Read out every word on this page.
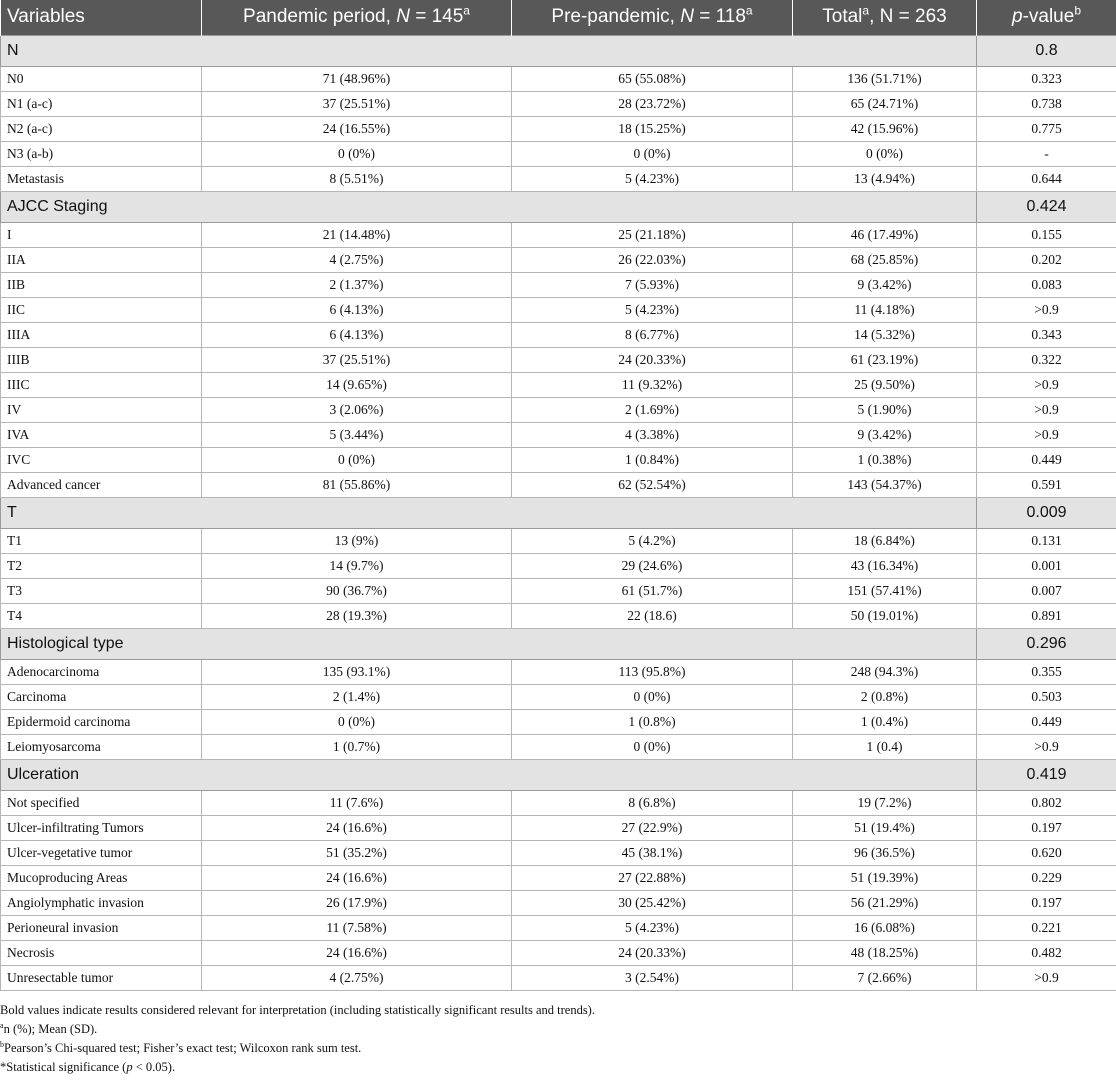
Variables	Pandemic period, $N = 145^a$	Pre-pandemic, $N = 118^a$	Total$^a$, N = 263	p-value$^b$
N				0.8
N0	71 (48.96%)	65 (55.08%)	136 (51.71%)	0.323
N1 (a-c)	37 (25.51%)	28 (23.72%)	65 (24.71%)	0.738
N2 (a-c)	24 (16.55%)	18 (15.25%)	42 (15.96%)	0.775
N3 (a-b)	0 (0%)	0 (0%)	0 (0%)	-
Metastasis	8 (5.51%)	5 (4.23%)	13 (4.94%)	0.644
AJCC Staging				0.424
I	21 (14.48%)	25 (21.18%)	46 (17.49%)	0.155
IIA	4 (2.75%)	26 (22.03%)	68 (25.85%)	0.202
IIB	2 (1.37%)	7 (5.93%)	9 (3.42%)	0.083
IIC	6 (4.13%)	5 (4.23%)	11 (4.18%)	>0.9
IIIA	6 (4.13%)	8 (6.77%)	14 (5.32%)	0.343
IIIB	37 (25.51%)	24 (20.33%)	61 (23.19%)	0.322
IIIC	14 (9.65%)	11 (9.32%)	25 (9.50%)	>0.9
IV	3 (2.06%)	2 (1.69%)	5 (1.90%)	>0.9
IVA	5 (3.44%)	4 (3.38%)	9 (3.42%)	>0.9
IVC	0 (0%)	1 (0.84%)	1 (0.38%)	0.449
Advanced cancer	81 (55.86%)	62 (52.54%)	143 (54.37%)	0.591
T				0.009
T1	13 (9%)	5 (4.2%)	18 (6.84%)	0.131
T2	14 (9.7%)	29 (24.6%)	43 (16.34%)	0.001
T3	90 (36.7%)	61 (51.7%)	151 (57.41%)	0.007
T4	28 (19.3%)	22 (18.6)	50 (19.01%)	0.891
Histological type				0.296
Adenocarcinoma	135 (93.1%)	113 (95.8%)	248 (94.3%)	0.355
Carcinoma	2 (1.4%)	0 (0%)	2 (0.8%)	0.503
Epidermoid carcinoma	0 (0%)	1 (0.8%)	1 (0.4%)	0.449
Leiomyosarcoma	1 (0.7%)	0 (0%)	1 (0.4)	>0.9
Ulceration				0.419
Not specified	11 (7.6%)	8 (6.8%)	19 (7.2%)	0.802
Ulcer-infiltrating Tumors	24 (16.6%)	27 (22.9%)	51 (19.4%)	0.197
Ulcer-vegetative tumor	51 (35.2%)	45 (38.1%)	96 (36.5%)	0.620
Mucoproducing Areas	24 (16.6%)	27 (22.88%)	51 (19.39%)	0.229
Angiolymphatic invasion	26 (17.9%)	30 (25.42%)	56 (21.29%)	0.197
Perioneural invasion	11 (7.58%)	5 (4.23%)	16 (6.08%)	0.221
Necrosis	24 (16.6%)	24 (20.33%)	48 (18.25%)	0.482
Unresectable tumor	4 (2.75%)	3 (2.54%)	7 (2.66%)	>0.9

Bold values indicate results considered relevant for interpretation (including statistically significant results and trends).

$^a$n (%); Mean (SD).

$^b$Pearson’s Chi-squared test; Fisher’s exact test; Wilcoxon rank sum test.

*Statistical significance (p < 0.05).
